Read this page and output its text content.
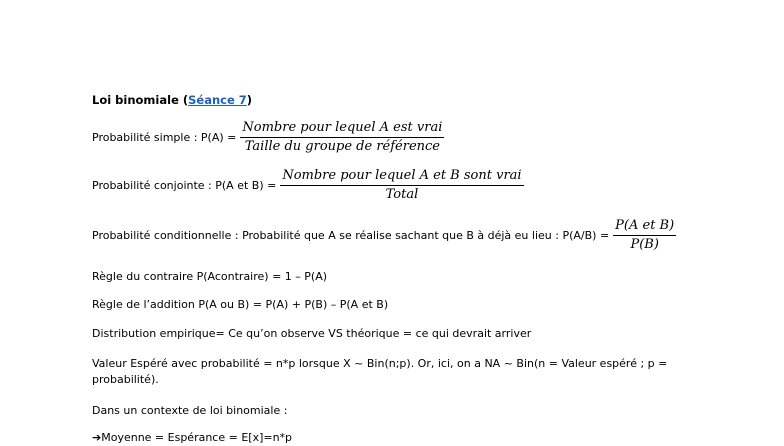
Loi binomiale (Séance 7)
Probabilité simple : $P(A) = \frac{\text{Nombre pour lequel A est vrai}}{\text{Taille du groupe de référence}}$
Probabilité conjointe : P(A et $B) = \frac{\text{Nombre pour lequel A et B sont vrai}}{\text{Total}}$
Probabilité conditionnelle : Probabilité que A se réalise sachant que B à déjà eu lieu : $P(A/B) = \frac{\text{P(A et B)}}{P(B)}$
Règle du contraire P(Acontraire) = 1 – P(A)
Règle de l’addition P(A ou B) = P(A) + P(B) – P(A et B)
Distribution empirique= Ce qu’on observe VS théorique = ce qui devrait arriver
Valeur Espéré avec probabilité = n*p lorsque X ~ Bin(n;p). Or, ici, on a NA ~ Bin(n = Valeur espéré ; p = probabilité).
Dans un contexte de loi binomiale :
➔Moyenne = Espérance = E[x]=n*p
